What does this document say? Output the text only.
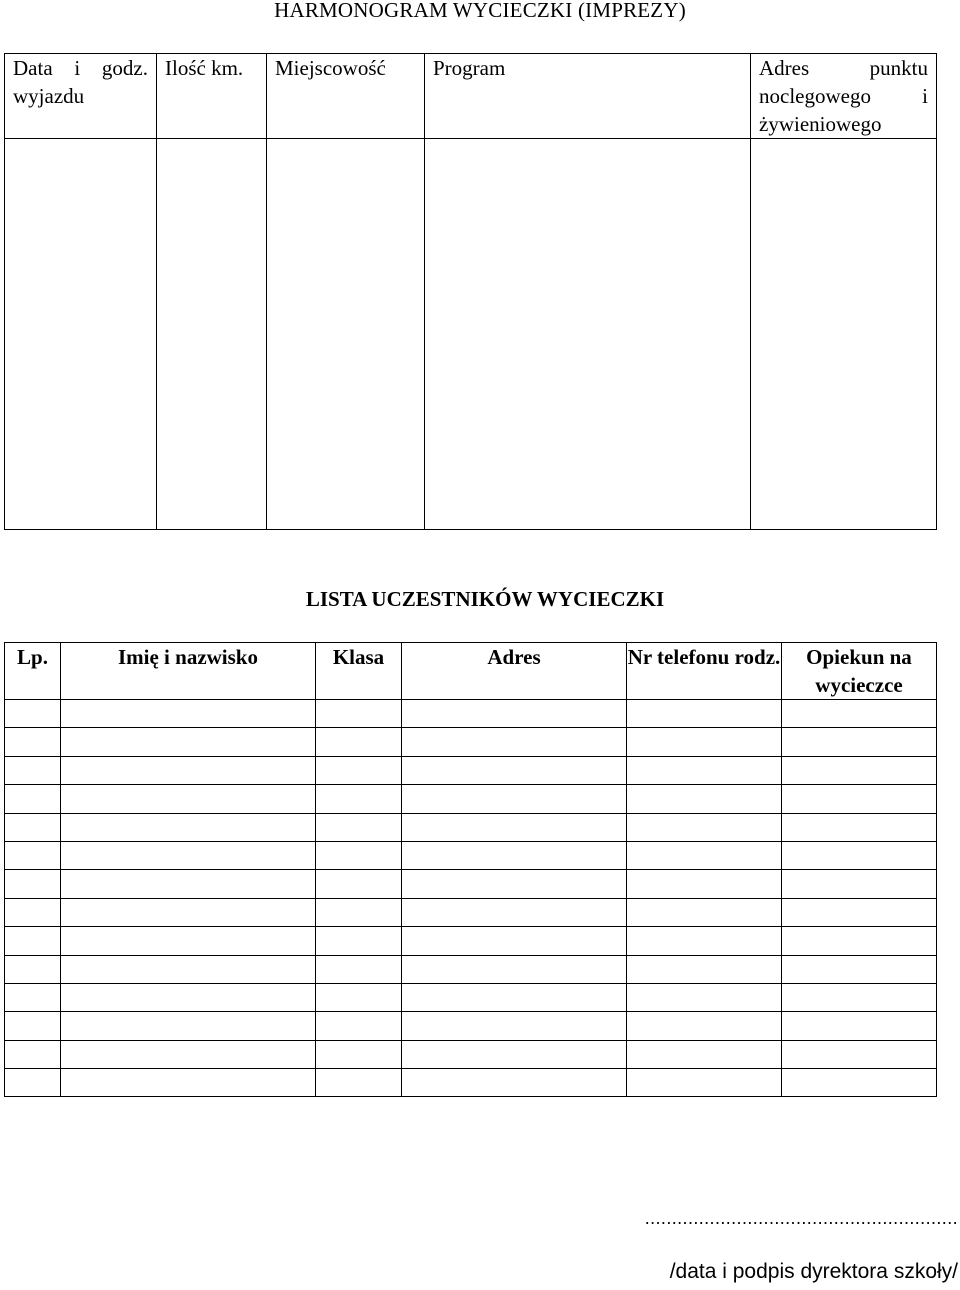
HARMONOGRAM WYCIECZKI (IMPREZY)
Data i godz. wyjazdu	Ilość km.	Miejscowość	Program	Adres punktu noclegowego i żywieniowego

LISTA UCZESTNIKÓW WYCIECZKI
Lp.	Imię i nazwisko	Klasa	Adres	Nr telefonu rodz.	Opiekun na wycieczce

..........................................................
/data i podpis dyrektora szkoły/
